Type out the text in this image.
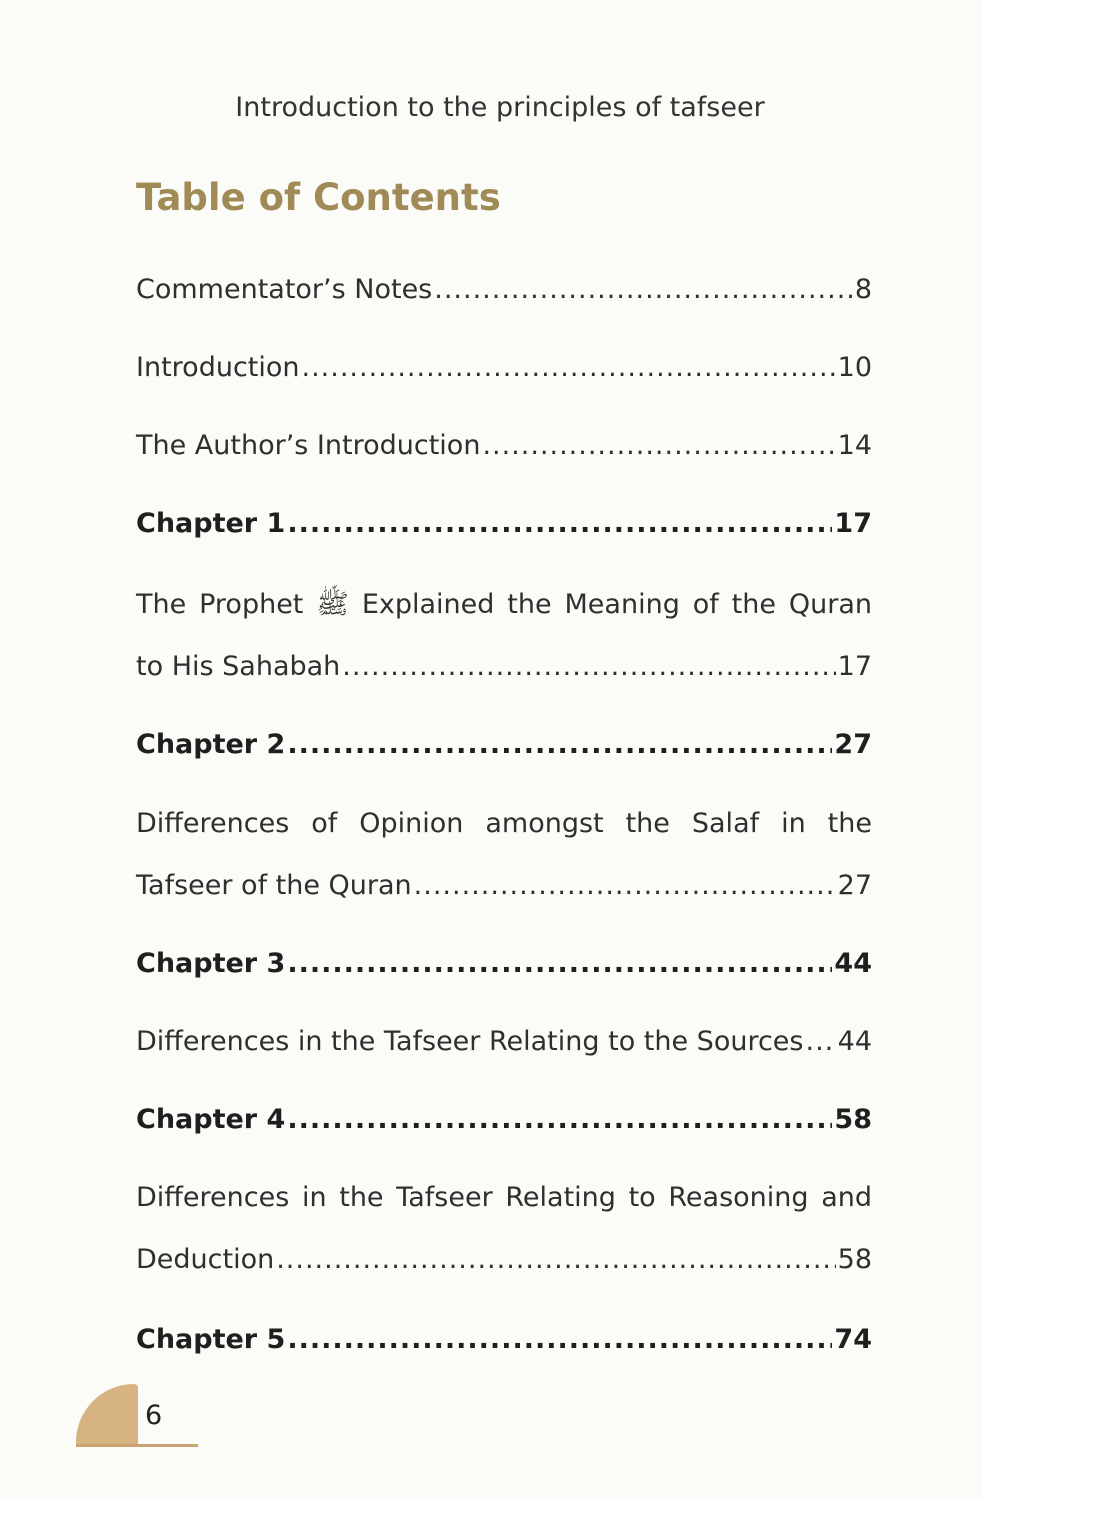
Introduction to the principles of tafseer
Table of Contents
Commentator’s Notes .....	8
Introduction .....	10
The Author’s Introduction .....	14
Chapter 1 .....	17
The Prophet ﷺ Explained the Meaning of the Quran
to His Sahabah .....	17
Chapter 2 .....	27
Differences of Opinion amongst the Salaf in the
Tafseer of the Quran .....	27
Chapter 3 .....	44
Differences in the Tafseer Relating to the Sources ..... 44
Chapter 4 .....	58
Differences in the Tafseer Relating to Reasoning and
Deduction .....	58
Chapter 5 .....	74
6
